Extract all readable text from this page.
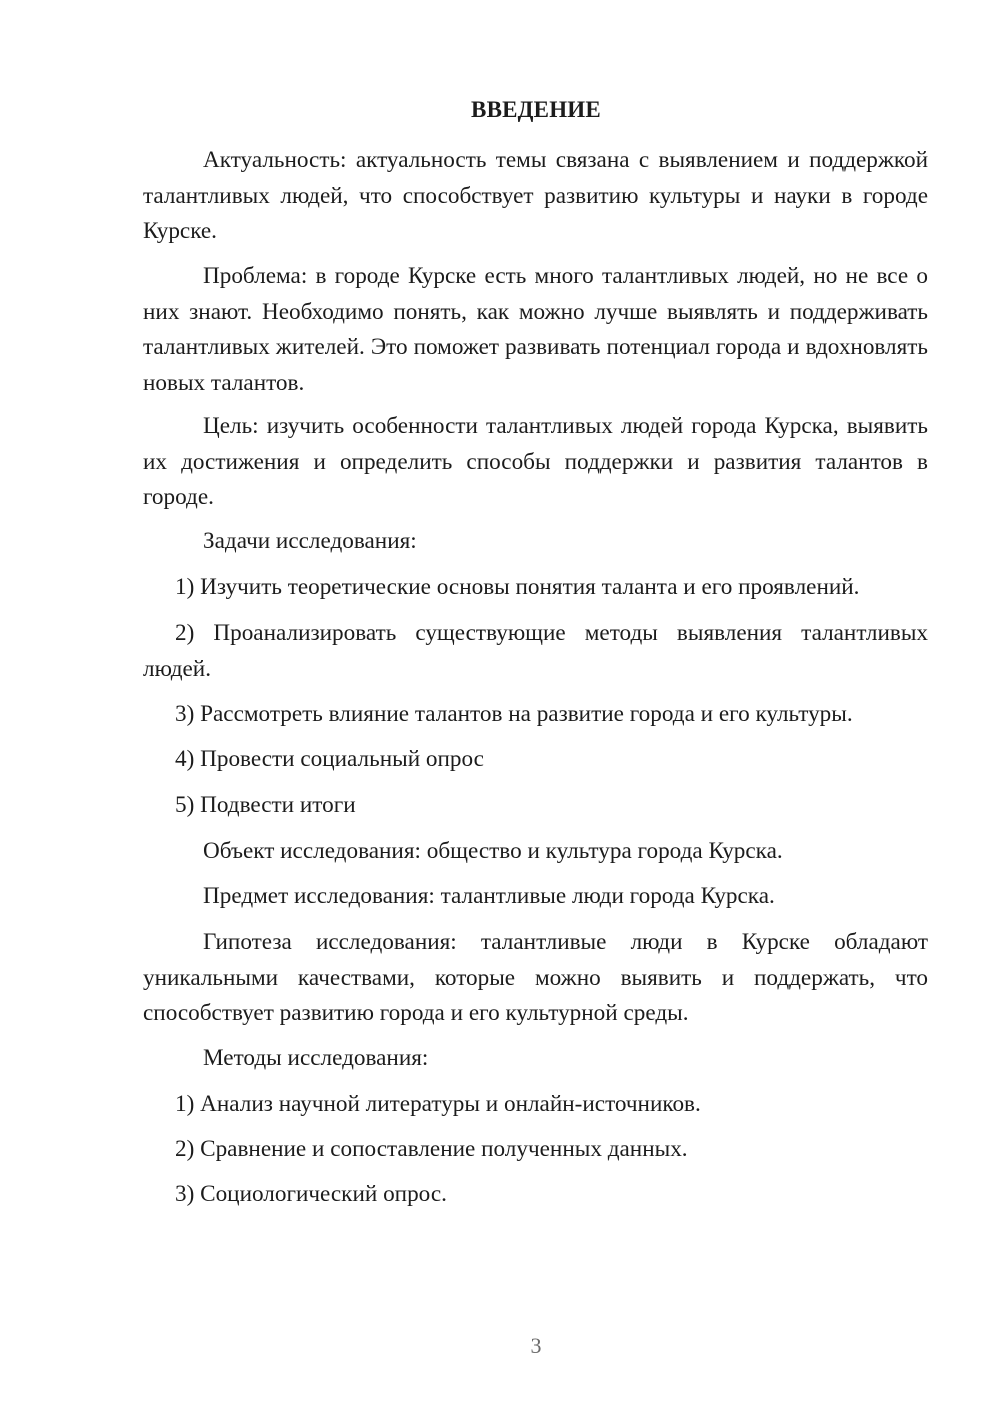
ВВЕДЕНИЕ

Актуальность: актуальность темы связана с выявлением и поддержкой талантливых людей, что способствует развитию культуры и науки в городе Курске.

Проблема: в городе Курске есть много талантливых людей, но не все о них знают. Необходимо понять, как можно лучше выявлять и поддерживать талантливых жителей. Это поможет развивать потенциал города и вдохновлять новых талантов.

Цель: изучить особенности талантливых людей города Курска, выявить их достижения и определить способы поддержки и развития талантов в городе.

Задачи исследования:

1) Изучить теоретические основы понятия таланта и его проявлений.

2) Проанализировать существующие методы выявления талантливых людей.

3) Рассмотреть влияние талантов на развитие города и его культуры.

4) Провести социальный опрос

5) Подвести итоги

Объект исследования: общество и культура города Курска.

Предмет исследования: талантливые люди города Курска.

Гипотеза исследования: талантливые люди в Курске обладают уникальными качествами, которые можно выявить и поддержать, что способствует развитию города и его культурной среды.

Методы исследования:

1) Анализ научной литературы и онлайн-источников.

2) Сравнение и сопоставление полученных данных.

3) Социологический опрос.

3
